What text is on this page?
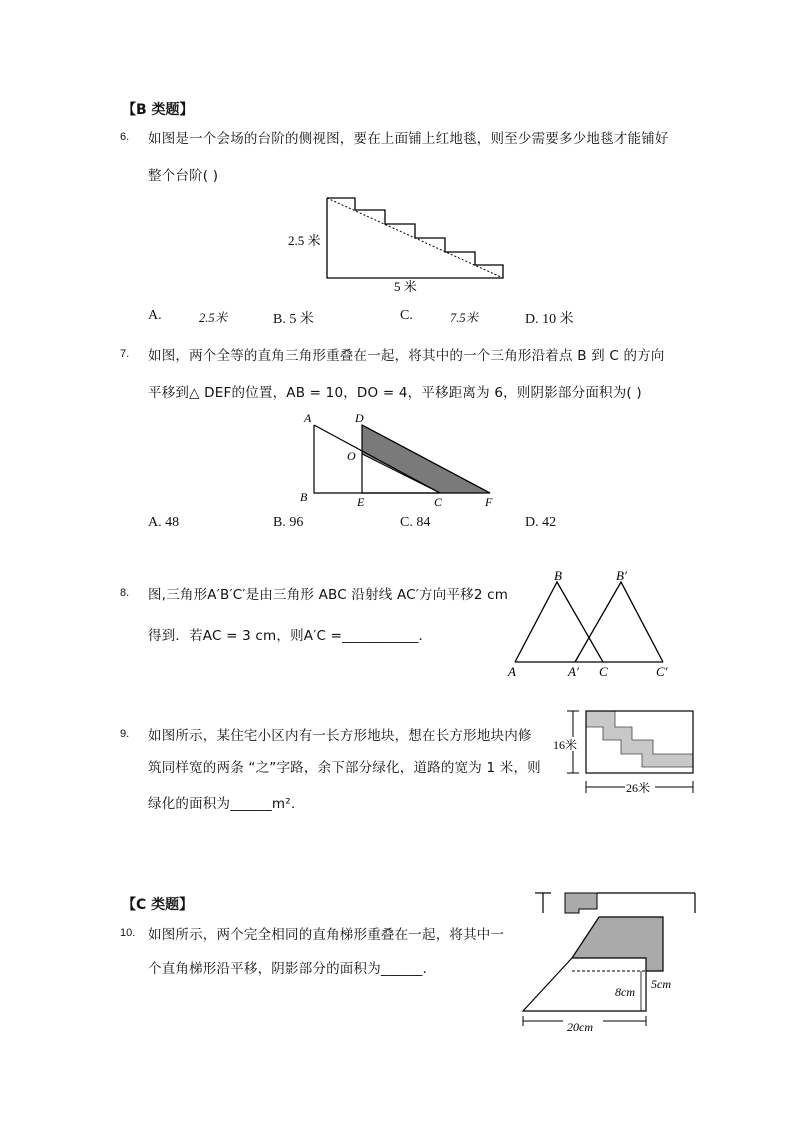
【B 类题】
6. 如图是一个会场的台阶的侧视图，要在上面铺上红地毯，则至少需要多少地毯才能铺好
整个台阶( )
2.5 米
5 米
A.	2.5米	B. 5 米	C.	7.5米	D. 10 米
7. 如图，两个全等的直角三角形重叠在一起，将其中的一个三角形沿着点 B 到 C 的方向
平移到△ DEF的位置，AB = 10，DO = 4，平移距离为 6，则阴影部分面积为( )
A	D
O
B	E	C	F
A. 48	B. 96	C. 84	D. 42
8. 图,三角形A′B′C′是由三角形 ABC 沿射线 AC′方向平移2 cm
得到．若AC = 3 cm，则A′C =___________．
B	B′
A	A′ C	C′
9. 如图所示，某住宅小区内有一长方形地块，想在长方形地块内修
筑同样宽的两条 “之”字路，余下部分绿化，道路的宽为 1 米，则
绿化的面积为______m².
16米
26米
【C 类题】
10. 如图所示，两个完全相同的直角梯形重叠在一起，将其中一
个直角梯形沿平移，阴影部分的面积为______．
8cm
5cm
20cm
